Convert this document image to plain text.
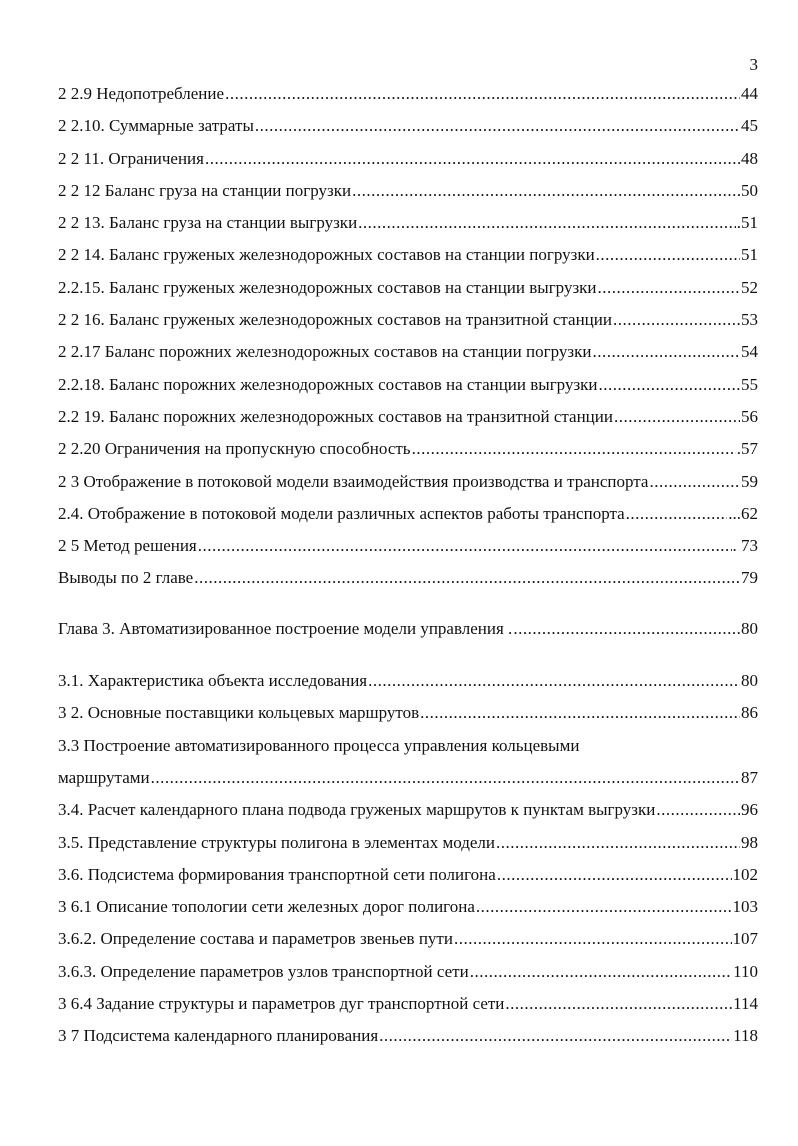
3
2 2.9 Недопотребление .....	44
2 2.10. Суммарные затраты .....	45
2 2 11. Ограничения .....	48
2 2 12 Баланс груза на станции погрузки .....	50
2 2 13. Баланс груза на станции выгрузки .....	.51
2 2 14. Баланс груженых железнодорожных составов на станции погрузки .....	51
2.2.15. Баланс груженых железнодорожных составов на станции выгрузки .....	52
2 2 16. Баланс груженых железнодорожных составов на транзитной станции .....	53
2 2.17 Баланс порожних железнодорожных составов на станции погрузки .....	54
2.2.18. Баланс порожних железнодорожных составов на станции выгрузки .....	55
2.2 19. Баланс порожних железнодорожных составов на транзитной станции .....	56
2 2.20 Ограничения на пропускную способность .....	.57
2 3 Отображение в потоковой модели взаимодействия производства и транспорта .....	59
2.4. Отображение в потоковой модели различных аспектов работы транспорта .....	...62
2 5 Метод решения .....	. 73
Выводы по 2 главе .....	79
Глава 3. Автоматизированное построение модели управления . .....	80
3.1. Характеристика объекта исследования .....	80
3 2. Основные поставщики кольцевых маршрутов .....	86
3.3 Построение автоматизированного процесса управления кольцевыми
маршрутами .....	87
3.4. Расчет календарного плана подвода груженых маршрутов к пунктам выгрузки .....	96
3.5. Представление структуры полигона в элементах модели .....	98
3.6. Подсистема формирования транспортной сети полигона .....	102
3 6.1 Описание топологии сети железных дорог полигона .....	103
3.6.2. Определение состава и параметров звеньев пути .....	107
3.6.3. Определение параметров узлов транспортной сети .....	110
3 6.4 Задание структуры и параметров дуг транспортной сети .....	114
3 7 Подсистема календарного планирования .....	118
